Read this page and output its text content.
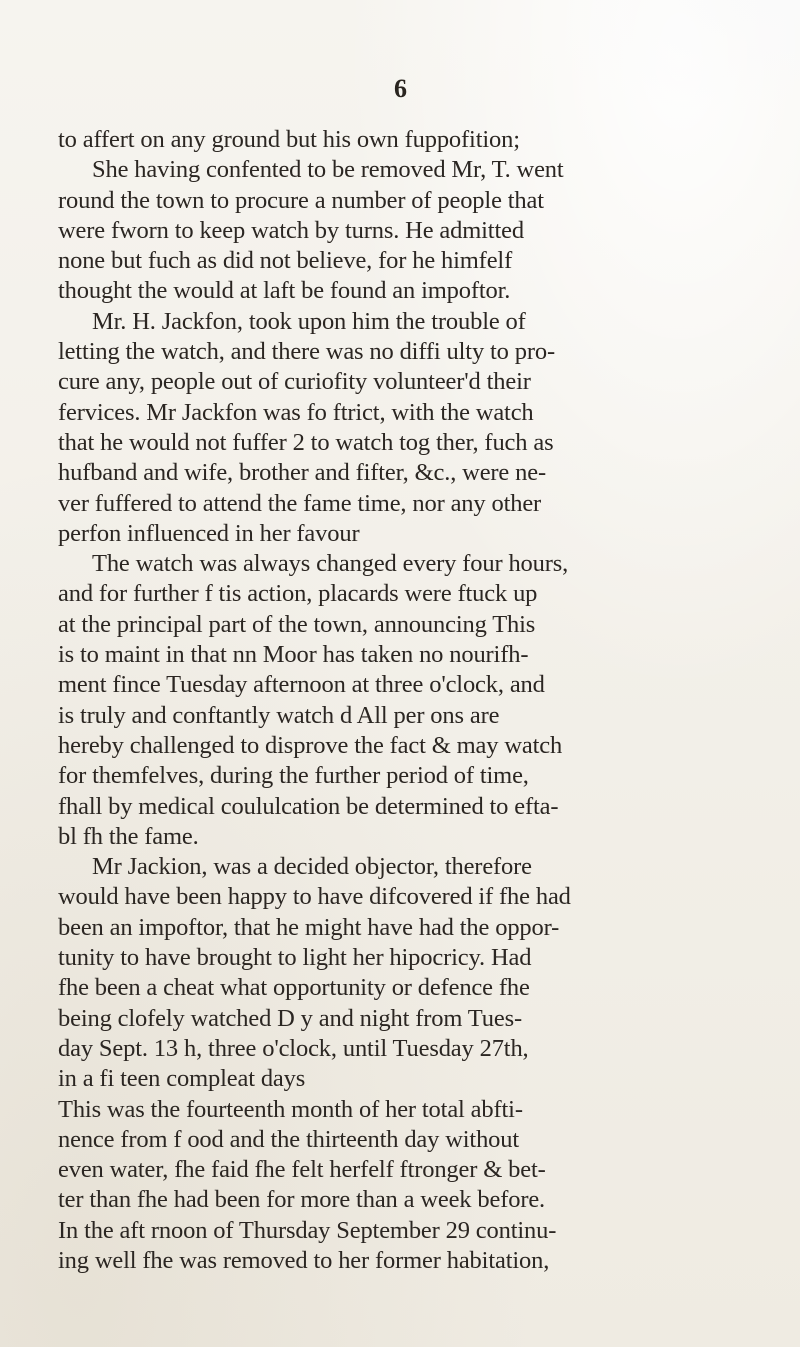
6
to affert on any ground but his own fuppofition;
She having confented to be removed Mr, T. went
round the town to procure a number of people that
were fworn to keep watch by turns. He admitted
none but fuch as did not believe, for he himfelf
thought the would at laft be found an impoftor.
Mr. H. Jackfon, took upon him the trouble of
letting the watch, and there was no diffi ulty to pro-
cure any, people out of curiofity volunteer'd their
fervices. Mr Jackfon was fo ftrict, with the watch
that he would not fuffer 2 to watch tog ther, fuch as
hufband and wife, brother and fifter, &c., were ne-
ver fuffered to attend the fame time, nor any other
perfon influenced in her favour
The watch was always changed every four hours,
and for further f tis action, placards were ftuck up
at the principal part of the town, announcing This
is to maint in that nn Moor has taken no nourifh-
ment fince Tuesday afternoon at three o'clock, and
is truly and conftantly watch d All per ons are
hereby challenged to disprove the fact & may watch
for themfelves, during the further period of time,
fhall by medical coululcation be determined to efta-
bl fh the fame.
Mr Jackion, was a decided objector, therefore
would have been happy to have difcovered if fhe had
been an impoftor, that he might have had the oppor-
tunity to have brought to light her hipocricy. Had
fhe been a cheat what opportunity or defence fhe
being clofely watched D y and night from Tues-
day Sept. 13 h, three o'clock, until Tuesday 27th,
in a fi teen compleat days
This was the fourteenth month of her total abfti-
nence from f ood and the thirteenth day without
even water, fhe faid fhe felt herfelf ftronger & bet-
ter than fhe had been for more than a week before.
In the aft rnoon of Thursday September 29 continu-
ing well fhe was removed to her former habitation,
